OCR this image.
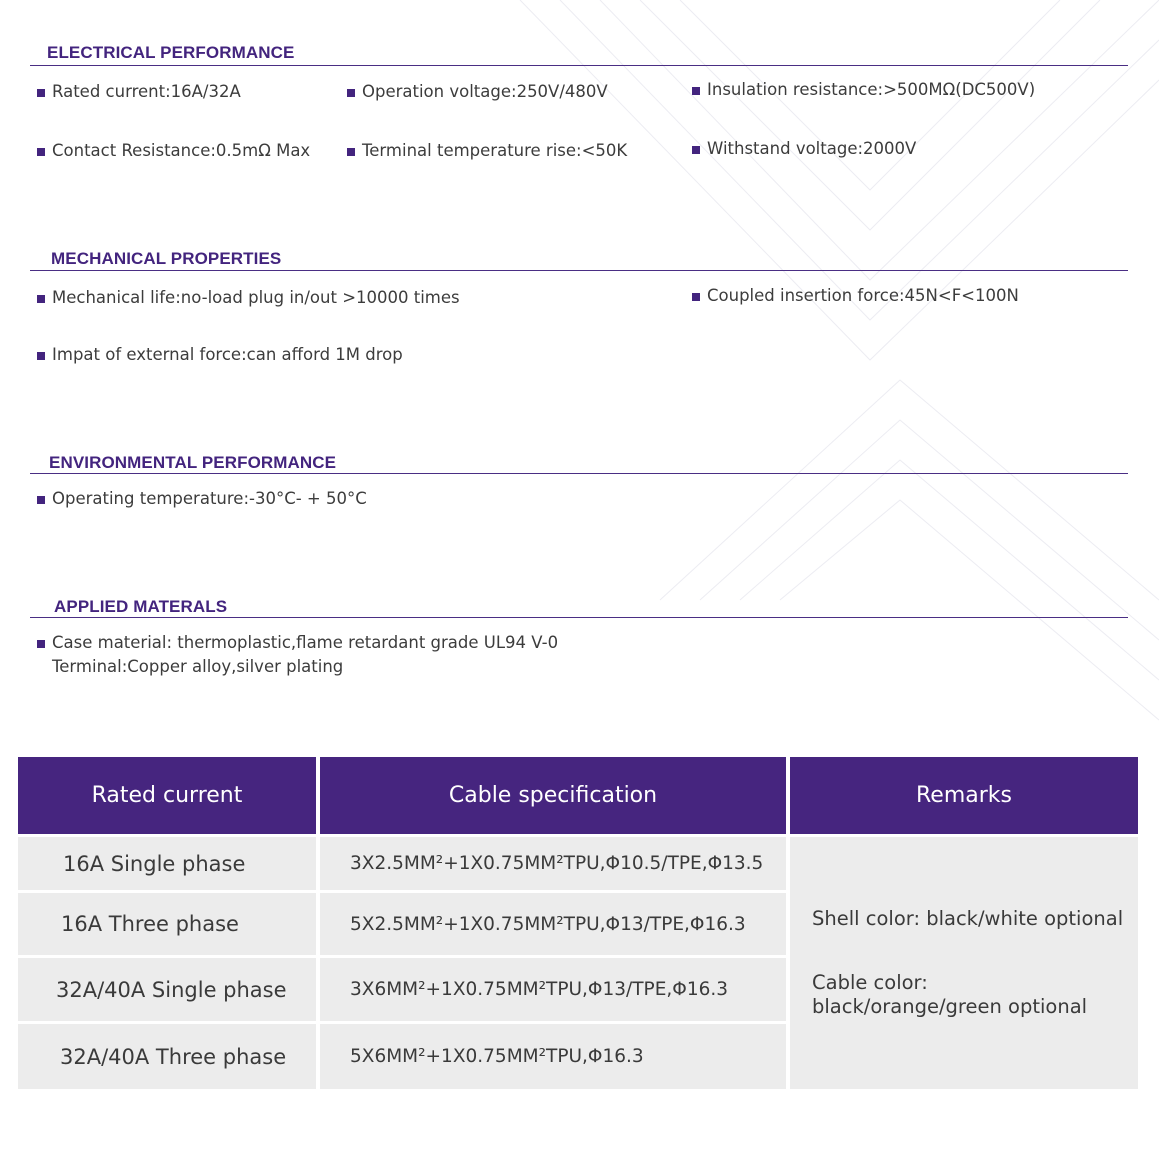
ELECTRICAL PERFORMANCE
Rated current:16A/32A	Operation voltage:250V/480V	Insulation resistance:>500MΩ(DC500V)
Contact Resistance:0.5mΩ Max	Terminal temperature rise:<50K	Withstand voltage:2000V
MECHANICAL PROPERTIES
Mechanical life:no-load plug in/out >10000 times	Coupled insertion force:45N<F<100N
Impat of external force:can afford 1M drop
ENVIRONMENTAL PERFORMANCE
Operating temperature:-30°C- + 50°C
APPLIED MATERALS
Case material: thermoplastic,flame retardant grade UL94 V-0
Terminal:Copper alloy,silver plating
Rated current	Cable specification	Remarks
16A Single phase	3X2.5MM²+1X0.75MM²TPU,Φ10.5/TPE,Φ13.5
16A Three phase	5X2.5MM²+1X0.75MM²TPU,Φ13/TPE,Φ16.3
32A/40A Single phase	3X6MM²+1X0.75MM²TPU,Φ13/TPE,Φ16.3
32A/40A Three phase	5X6MM²+1X0.75MM²TPU,Φ16.3

Shell color: black/white optional

Cable color: black/orange/green optional
